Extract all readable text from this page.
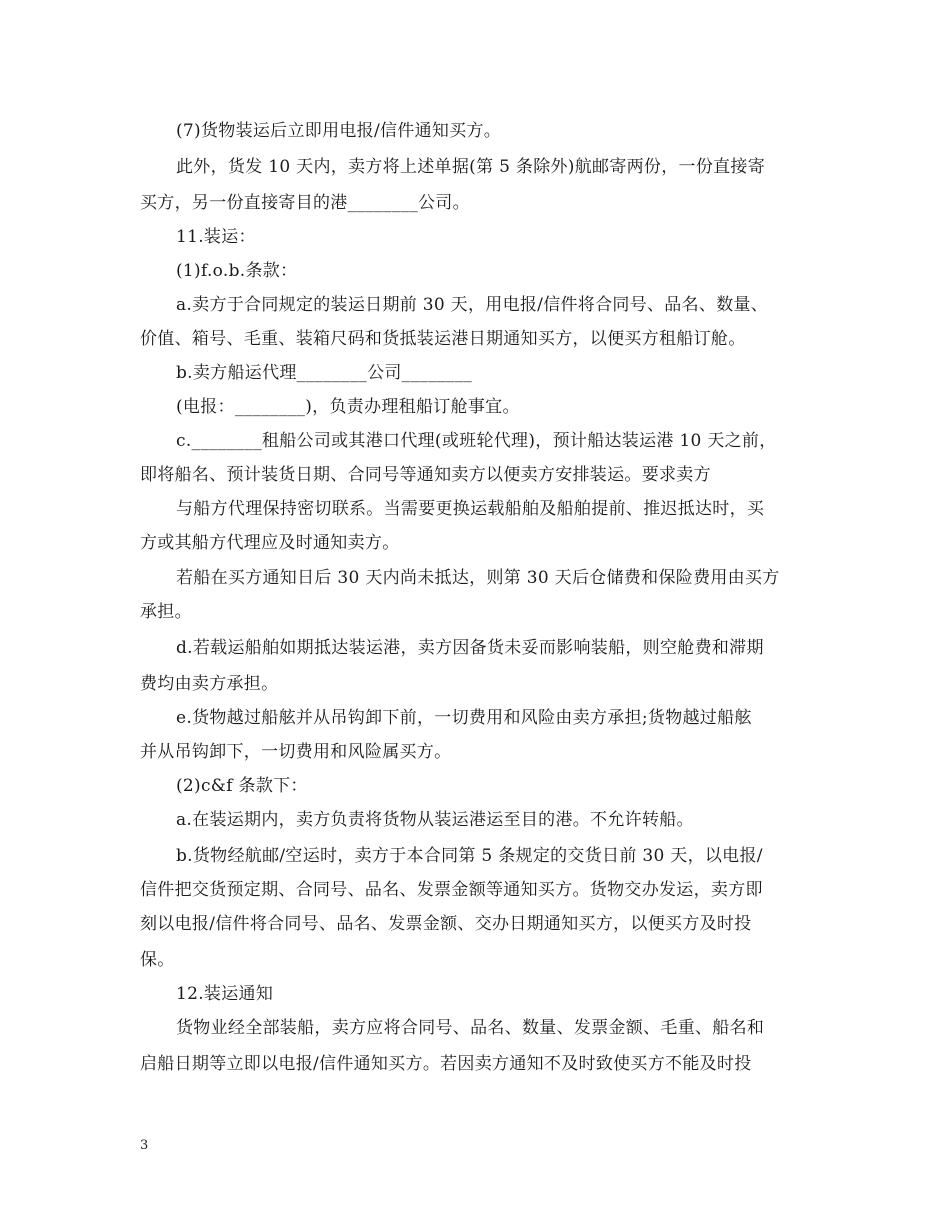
(7)货物装运后立即用电报/信件通知买方。
此外，货发 10 天内，卖方将上述单据(第 5 条除外)航邮寄两份，一份直接寄
买方，另一份直接寄目的港________公司。
11.装运：
(1)f.o.b.条款：
a.卖方于合同规定的装运日期前 30 天，用电报/信件将合同号、品名、数量、
价值、箱号、毛重、装箱尺码和货抵装运港日期通知买方，以便买方租船订舱。
b.卖方船运代理________公司________
(电报：________)，负责办理租船订舱事宜。
c.________租船公司或其港口代理(或班轮代理)，预计船达装运港 10 天之前，
即将船名、预计装货日期、合同号等通知卖方以便卖方安排装运。要求卖方
与船方代理保持密切联系。当需要更换运载船舶及船舶提前、推迟抵达时，买
方或其船方代理应及时通知卖方。
若船在买方通知日后 30 天内尚未抵达，则第 30 天后仓储费和保险费用由买方
承担。
d.若载运船舶如期抵达装运港，卖方因备货未妥而影响装船，则空舱费和滞期
费均由卖方承担。
e.货物越过船舷并从吊钩卸下前，一切费用和风险由卖方承担;货物越过船舷
并从吊钩卸下，一切费用和风险属买方。
(2)c&f 条款下：
a.在装运期内，卖方负责将货物从装运港运至目的港。不允许转船。
b.货物经航邮/空运时，卖方于本合同第 5 条规定的交货日前 30 天，以电报/
信件把交货预定期、合同号、品名、发票金额等通知买方。货物交办发运，卖方即
刻以电报/信件将合同号、品名、发票金额、交办日期通知买方，以便买方及时投
保。
12.装运通知
货物业经全部装船，卖方应将合同号、品名、数量、发票金额、毛重、船名和
启船日期等立即以电报/信件通知买方。若因卖方通知不及时致使买方不能及时投
3
